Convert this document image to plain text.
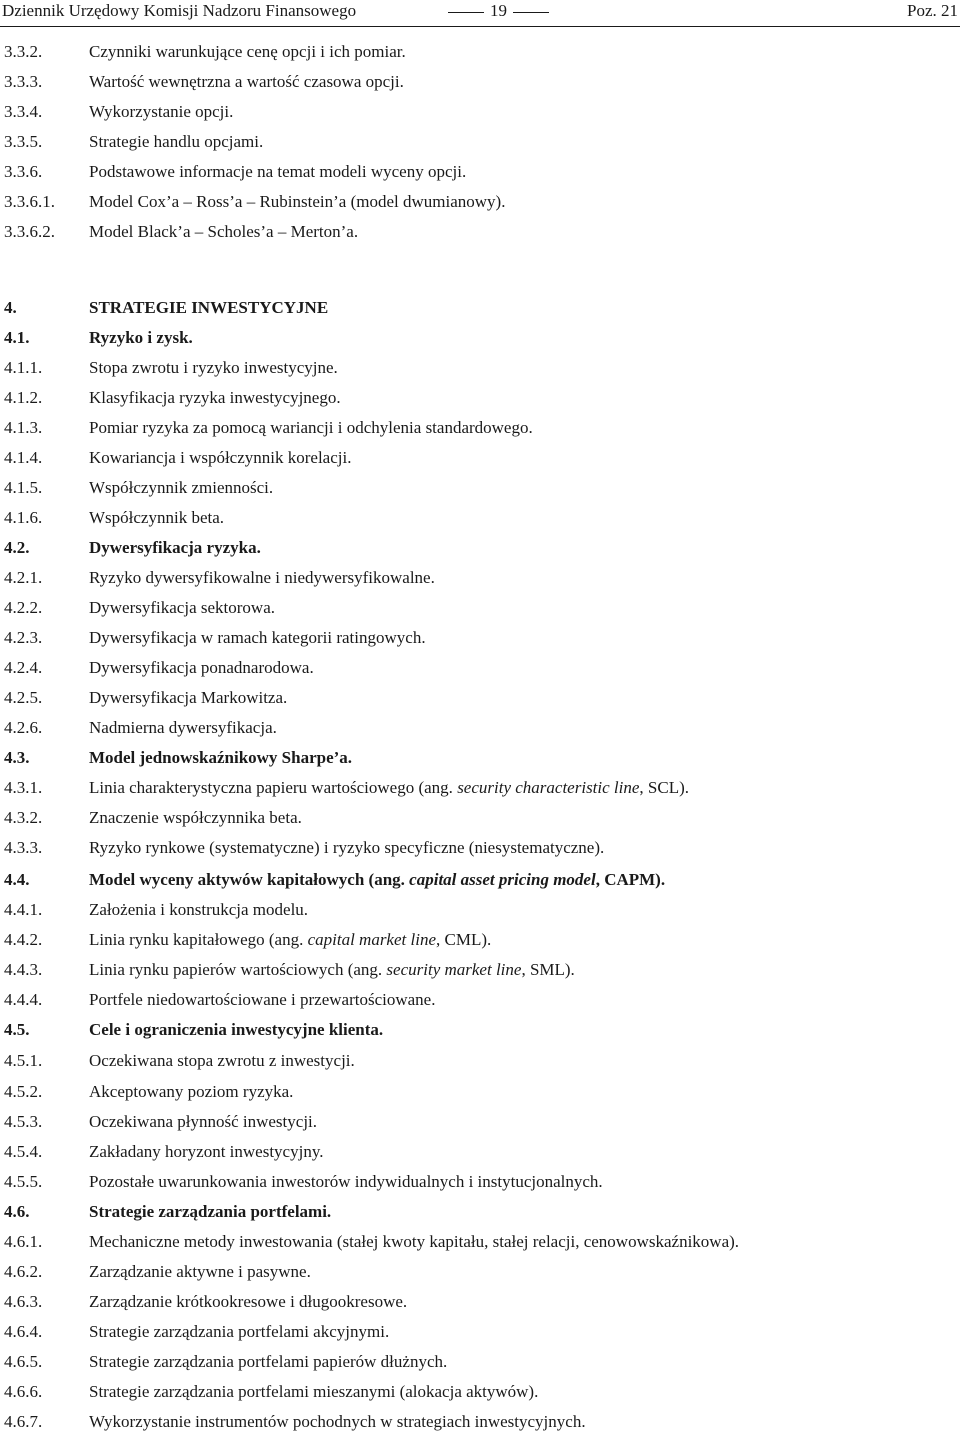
Dziennik Urzędowy Komisji Nadzoru Finansowego	19	Poz. 21
3.3.2.	Czynniki warunkujące cenę opcji i ich pomiar.
3.3.3.	Wartość wewnętrzna a wartość czasowa opcji.
3.3.4.	Wykorzystanie opcji.
3.3.5.	Strategie handlu opcjami.
3.3.6.	Podstawowe informacje na temat modeli wyceny opcji.
3.3.6.1. Model Cox’a – Ross’a – Rubinstein’a (model dwumianowy).
3.3.6.2. Model Black’a – Scholes’a – Merton’a.
4.	STRATEGIE INWESTYCYJNE
4.1.	Ryzyko i zysk.
4.1.1.	Stopa zwrotu i ryzyko inwestycyjne.
4.1.2.	Klasyfikacja ryzyka inwestycyjnego.
4.1.3.	Pomiar ryzyka za pomocą wariancji i odchylenia standardowego.
4.1.4.	Kowariancja i współczynnik korelacji.
4.1.5.	Współczynnik zmienności.
4.1.6.	Współczynnik beta.
4.2.	Dywersyfikacja ryzyka.
4.2.1.	Ryzyko dywersyfikowalne i niedywersyfikowalne.
4.2.2.	Dywersyfikacja sektorowa.
4.2.3.	Dywersyfikacja w ramach kategorii ratingowych.
4.2.4.	Dywersyfikacja ponadnarodowa.
4.2.5.	Dywersyfikacja Markowitza.
4.2.6.	Nadmierna dywersyfikacja.
4.3.	Model jednowskaźnikowy Sharpe’a.
4.3.1.	Linia charakterystyczna papieru wartościowego (ang. security characteristic line, SCL).
4.3.2.	Znaczenie współczynnika beta.
4.3.3.	Ryzyko rynkowe (systematyczne) i ryzyko specyficzne (niesystematyczne).
4.4.	Model wyceny aktywów kapitałowych (ang. capital asset pricing model, CAPM).
4.4.1.	Założenia i konstrukcja modelu.
4.4.2.	Linia rynku kapitałowego (ang. capital market line, CML).
4.4.3.	Linia rynku papierów wartościowych (ang. security market line, SML).
4.4.4.	Portfele niedowartościowane i przewartościowane.
4.5.	Cele i ograniczenia inwestycyjne klienta.
4.5.1.	Oczekiwana stopa zwrotu z inwestycji.
4.5.2.	Akceptowany poziom ryzyka.
4.5.3.	Oczekiwana płynność inwestycji.
4.5.4.	Zakładany horyzont inwestycyjny.
4.5.5.	Pozostałe uwarunkowania inwestorów indywidualnych i instytucjonalnych.
4.6.	Strategie zarządzania portfelami.
4.6.1.	Mechaniczne metody inwestowania (stałej kwoty kapitału, stałej relacji, cenowowskaźnikowa).
4.6.2.	Zarządzanie aktywne i pasywne.
4.6.3.	Zarządzanie krótkookresowe i długookresowe.
4.6.4.	Strategie zarządzania portfelami akcyjnymi.
4.6.5.	Strategie zarządzania portfelami papierów dłużnych.
4.6.6.	Strategie zarządzania portfelami mieszanymi (alokacja aktywów).
4.6.7.	Wykorzystanie instrumentów pochodnych w strategiach inwestycyjnych.
